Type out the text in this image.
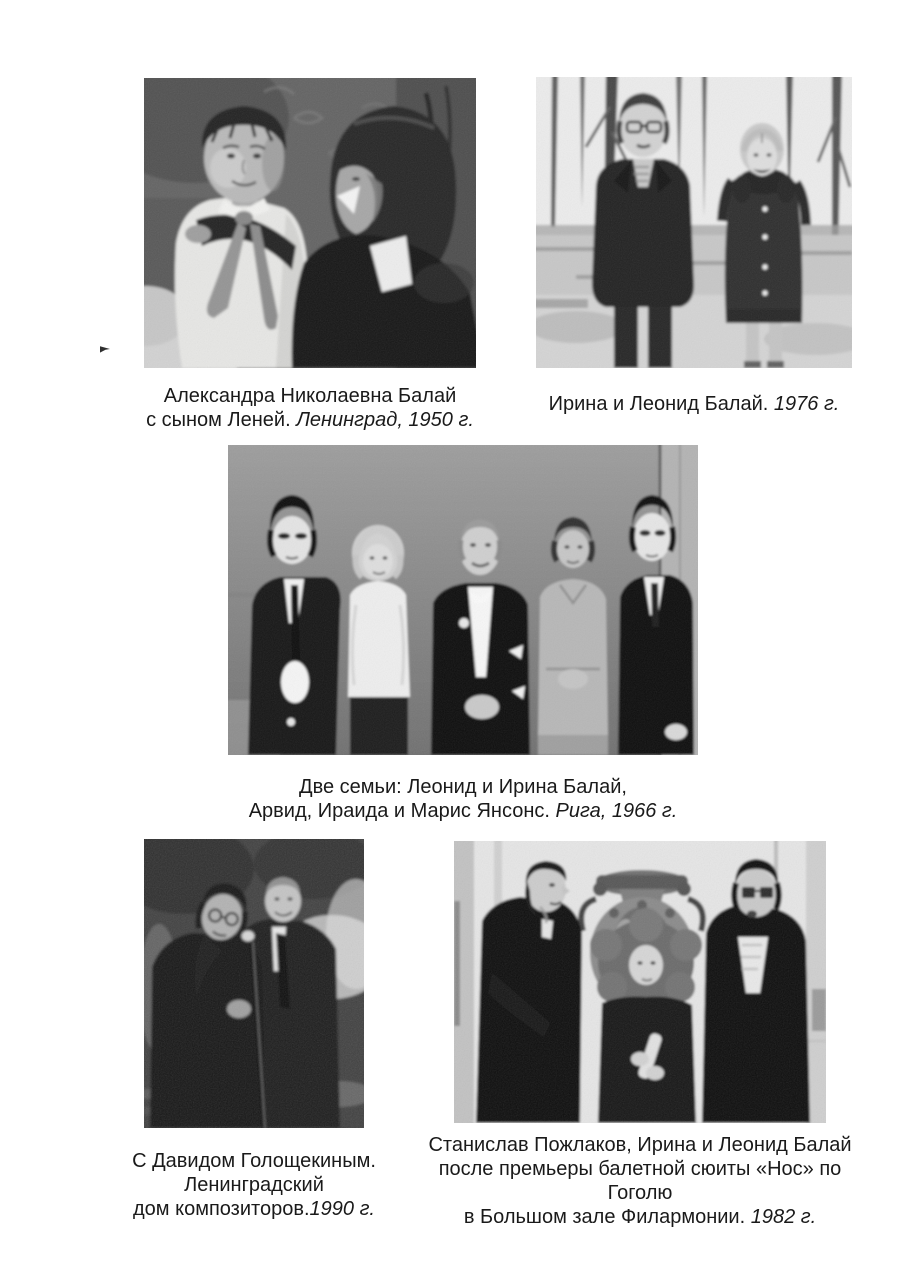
Александра Николаевна Балай
с сыном Леней. Ленинград, 1950 г.
Ирина и Леонид Балай. 1976 г.
Две семьи: Леонид и Ирина Балай,
Арвид, Ираида и Марис Янсонс. Рига, 1966 г.
С Давидом Голощекиным.
Ленинградский
дом композиторов.1990 г.
Станислав Пожлаков, Ирина и Леонид Балай
после премьеры балетной сюиты «Нос» по Гоголю
в Большом зале Филармонии. 1982 г.
